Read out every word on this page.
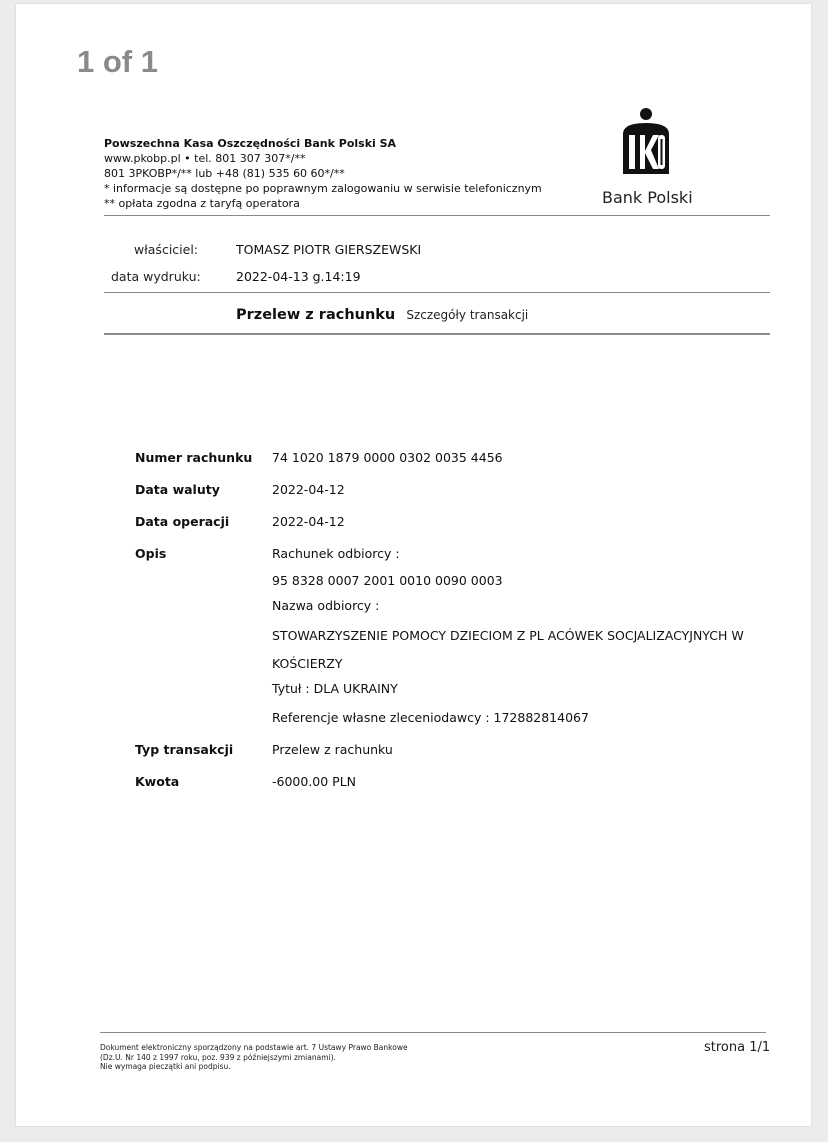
1 of 1
Powszechna Kasa Oszczędności Bank Polski SA
www.pkobp.pl • tel. 801 307 307*/**
801 3PKOBP*/** lub +48 (81) 535 60 60*/**
* informacje są dostępne po poprawnym zalogowaniu w serwisie telefonicznym
** opłata zgodna z taryfą operatora	Bank Polski
właściciel:	TOMASZ PIOTR GIERSZEWSKI
data wydruku:	2022-04-13 g.14:19
Przelew z rachunku Szczegóły transakcji
Numer rachunku 74 1020 1879 0000 0302 0035 4456
Data waluty	2022-04-12
Data operacji	2022-04-12
Opis	Rachunek odbiorcy :
95 8328 0007 2001 0010 0090 0003
Nazwa odbiorcy :
STOWARZYSZENIE POMOCY DZIECIOM Z PL ACÓWEK SOCJALIZACYJNYCH W
KOŚCIERZY
Tytuł : DLA UKRAINY
Referencje własne zleceniodawcy : 172882814067
Typ transakcji	Przelew z rachunku
Kwota	-6000.00 PLN
Dokument elektroniczny sporządzony na podstawie art. 7 Ustawy Prawo Bankowe
(Dz.U. Nr 140 z 1997 roku, poz. 939 z późniejszymi zmianami).
Nie wymaga pieczątki ani podpisu.
strona 1/1
